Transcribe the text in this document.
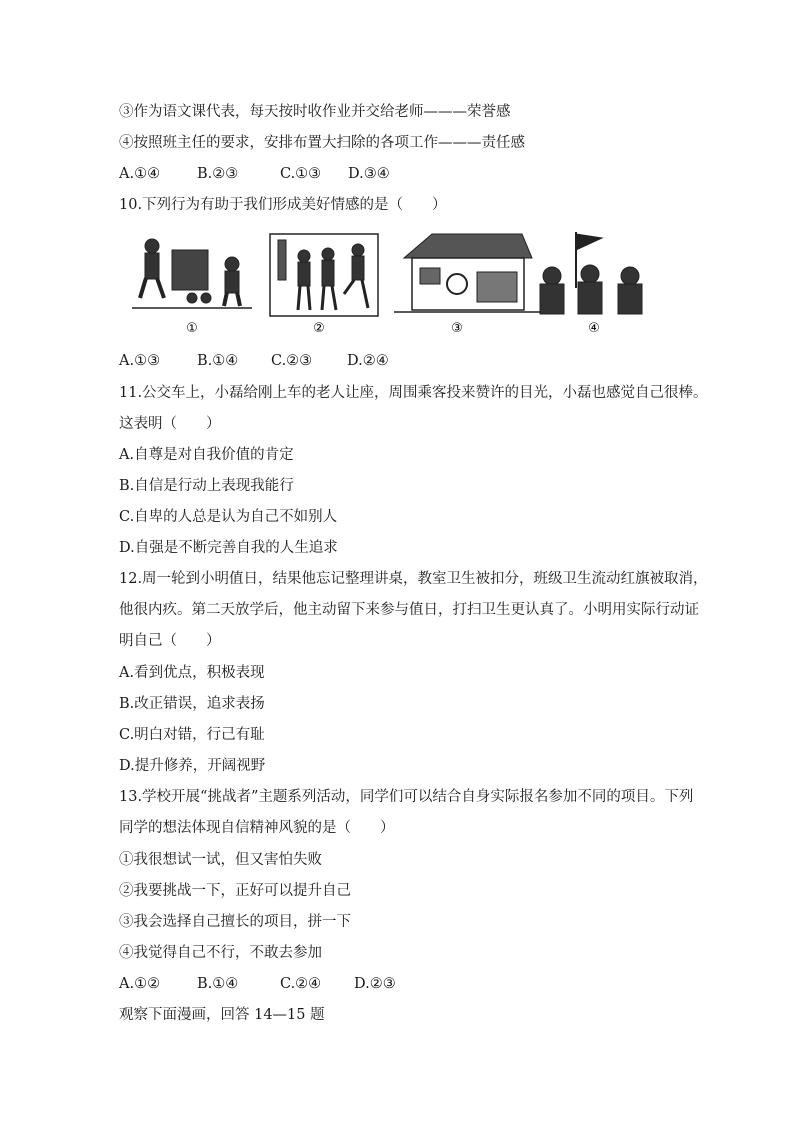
③作为语文课代表，每天按时收作业并交给老师———荣誉感
④按照班主任的要求，安排布置大扫除的各项工作———责任感
A.①④	B.②③	C.①③ D.③④
10.下列行为有助于我们形成美好情感的是（　　）
①	②	③	④
A.①③	B.①④ C.②③ D.②④
11.公交车上，小磊给刚上车的老人让座，周围乘客投来赞许的目光，小磊也感觉自己很棒。
这表明（　　）
A.自尊是对自我价值的肯定
B.自信是行动上表现我能行
C.自卑的人总是认为自己不如别人
D.自强是不断完善自我的人生追求
12.周一轮到小明值日，结果他忘记整理讲桌，教室卫生被扣分，班级卫生流动红旗被取消，
他很内疚。第二天放学后，他主动留下来参与值日，打扫卫生更认真了。小明用实际行动证
明自己（　　）
A.看到优点，积极表现
B.改正错误，追求表扬
C.明白对错，行己有耻
D.提升修养，开阔视野
13.学校开展“挑战者”主题系列活动，同学们可以结合自身实际报名参加不同的项目。下列
同学的想法体现自信精神风貌的是（　　）
①我很想试一试，但又害怕失败
②我要挑战一下，正好可以提升自己
③我会选择自己擅长的项目，拼一下
④我觉得自己不行，不敢去参加
A.①②	B.①④	C.②④ D.②③
观察下面漫画，回答 14—15 题
